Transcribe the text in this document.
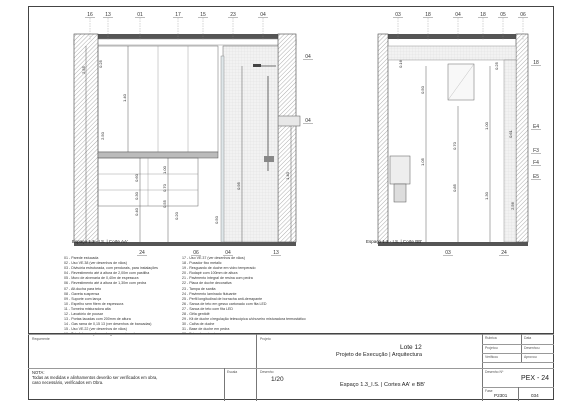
16 13	01	17	15	23	04	03	18	04	18	05	06
04
04
24	06	04	13	03	24
18
E4
F3
F4
E5
2.55
0.25
2.50
1.40
0.60
0.30
0.40
1.00
0.70
0.55
0.20
0.50
0.95
1.40
0.16
0.50
1.05
0.70
0.85
1.00
1.30
0.61
2.56
0.25
Espaço 1.3 - I.S. | Corte AA'	Espaço 1.3 - I.S. | Corte BB'
01 - Parede estucada
02 - Uso VE.38 (ver desenhos de vãos)
03 - Divisória estruturada, com pendurais, para instalações
04 - Revestimento até à altura de 2,00m com pastilha
05 - Muro de alvenaria de 0,40m de espessura
06 - Revestimento até à altura de 1,30m com pedra
07 - Alt.ducha para teto
08 - Gaveta suspensa
09 - Suporte com lança
10 - Espelho sem fitem de espessura
11 - Torneira misturadora alta
12 - Lavatório de pousar
13 - Portas lacadas com 200mm de altura
14 - Gas rama de 0,15 13 (ver desenhos de bancadas)
15 - Uso VE.22 (ver desenhos de vãos)
16 - Teto falso em placas de gesso cartonado
17 - Uso VE.37 (ver desenhos de vãos)
18 - Puxador fixo metalic
19 - Resguardo de duche em vidro temperado
20 - Rodapé com 100mm de altura
21 - Pavimento integral de resina com pedra
22 - Placa de duche decorativa
23 - Tampa de sanita
24 - Pavimento laminado flutuante
25 - Perfil longitudinal de borracha anti-derrapante
26 - Sanca de teto em gesso cartonado com fita LED
27 - Sanca de teto com fita LED
28 - Gêla gentidê
29 - Kit de duche c/regulação telescópica c/chuveiro misturadora termostático
30 - Calha de duche
31 - Base de duche em pedra
32 - Faixa de arrimatar
Requerente	Projeto
Lote 12
Projeto de Execução | Arquitectura
Rubrica	Data
Projetou	Desenhou
Verificou	Aprovou
NOTA:
Todas as medidas e alinhamentos deverão ser verificados em obra, caso necessário, verificados em Obra.
Escala
1/20
Desenho
Espaço 1.3_I.S. | Cortes AA' e BB'
Desenho Nº
PEX - 24
Fase
P2301	034
